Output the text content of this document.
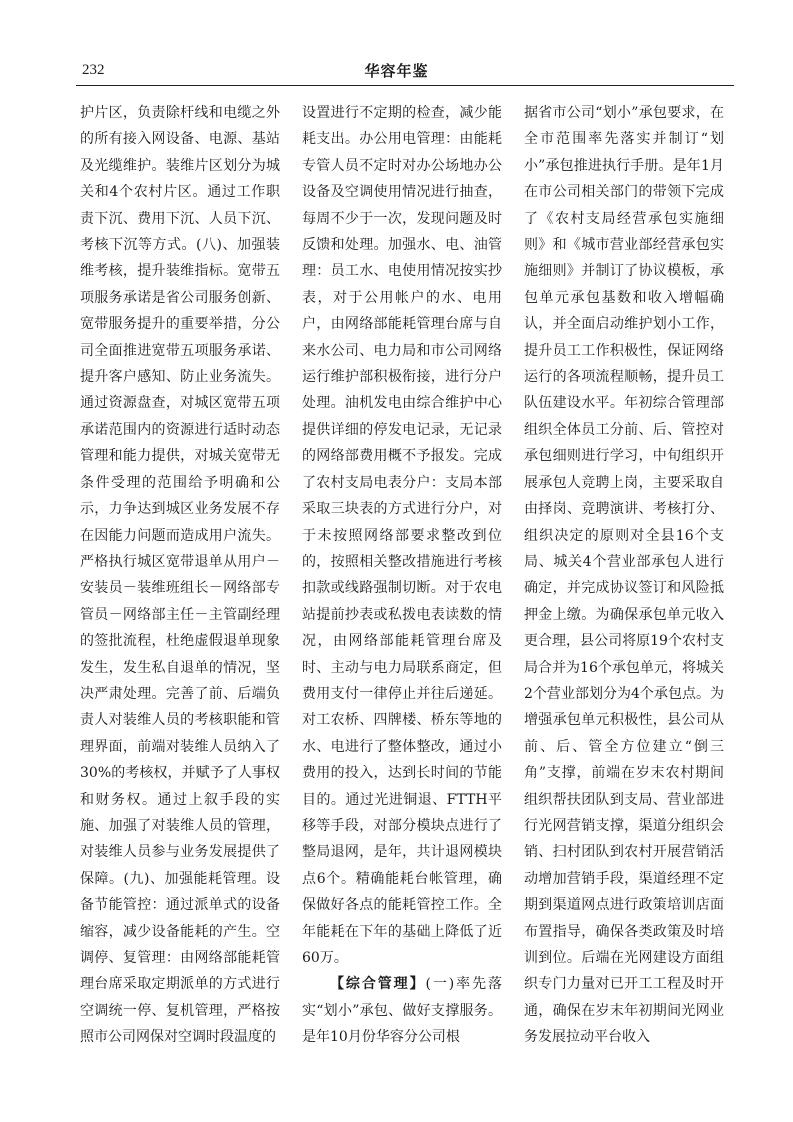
232	华容年鉴

护片区，负责除杆线和电缆之外的所有接入网设备、电源、基站及光缆维护。装维片区划分为城关和4个农村片区。通过工作职责下沉、费用下沉、人员下沉、考核下沉等方式。(八)、加强装维考核，提升装维指标。宽带五项服务承诺是省公司服务创新、宽带服务提升的重要举措，分公司全面推进宽带五项服务承诺、提升客户感知、防止业务流失。通过资源盘查，对城区宽带五项承诺范围内的资源进行适时动态管理和能力提供，对城关宽带无条件受理的范围给予明确和公示，力争达到城区业务发展不存在因能力问题而造成用户流失。严格执行城区宽带退单从用户－安装员－装维班组长－网络部专管员－网络部主任－主管副经理的签批流程，杜绝虚假退单现象发生，发生私自退单的情况，坚决严肃处理。完善了前、后端负责人对装维人员的考核职能和管理界面，前端对装维人员纳入了30%的考核权，并赋予了人事权和财务权。通过上叙手段的实施、加强了对装维人员的管理，对装维人员参与业务发展提供了保障。(九)、加强能耗管理。设备节能管控：通过派单式的设备缩容，减少设备能耗的产生。空调停、复管理：由网络部能耗管理台席采取定期派单的方式进行空调统一停、复机管理，严格按照市公司网保对空调时段温度的

设置进行不定期的检查，减少能耗支出。办公用电管理：由能耗专管人员不定时对办公场地办公设备及空调使用情况进行抽查，每周不少于一次，发现问题及时反馈和处理。加强水、电、油管理：员工水、电使用情况按实抄表，对于公用帐户的水、电用户，由网络部能耗管理台席与自来水公司、电力局和市公司网络运行维护部积极衔接，进行分户处理。油机发电由综合维护中心提供详细的停发电记录，无记录的网络部费用概不予报发。完成了农村支局电表分户：支局本部采取三块表的方式进行分户，对于未按照网络部要求整改到位的，按照相关整改措施进行考核扣款或线路强制切断。对于农电站提前抄表或私拨电表读数的情况，由网络部能耗管理台席及时、主动与电力局联系商定，但费用支付一律停止并往后递延。对工农桥、四牌楼、桥东等地的水、电进行了整体整改，通过小费用的投入，达到长时间的节能目的。通过光进铜退、FTTH平移等手段，对部分模块点进行了整局退网，是年，共计退网模块点6个。精确能耗台帐管理，确保做好各点的能耗管控工作。全年能耗在下年的基础上降低了近60万。

【综合管理】(一)率先落实“划小”承包、做好支撑服务。是年10月份华容分公司根

据省市公司“划小”承包要求，在全市范围率先落实并制订“划小”承包推进执行手册。是年1月在市公司相关部门的带领下完成了《农村支局经营承包实施细则》和《城市营业部经营承包实施细则》并制订了协议模板，承包单元承包基数和收入增幅确认，并全面启动维护划小工作，提升员工工作积极性，保证网络运行的各项流程顺畅，提升员工队伍建设水平。年初综合管理部组织全体员工分前、后、管控对承包细则进行学习，中旬组织开展承包人竞聘上岗，主要采取自由择岗、竞聘演讲、考核打分、组织决定的原则对全县16个支局、城关4个营业部承包人进行确定，并完成协议签订和风险抵押金上缴。为确保承包单元收入更合理，县公司将原19个农村支局合并为16个承包单元，将城关2个营业部划分为4个承包点。为增强承包单元积极性，县公司从前、后、管全方位建立“倒三角”支撑，前端在岁末农村期间组织帮扶团队到支局、营业部进行光网营销支撑，渠道分组织会销、扫村团队到农村开展营销活动增加营销手段，渠道经理不定期到渠道网点进行政策培训店面布置指导，确保各类政策及时培训到位。后端在光网建设方面组织专门力量对已开工工程及时开通，确保在岁末年初期间光网业务发展拉动平台收入
